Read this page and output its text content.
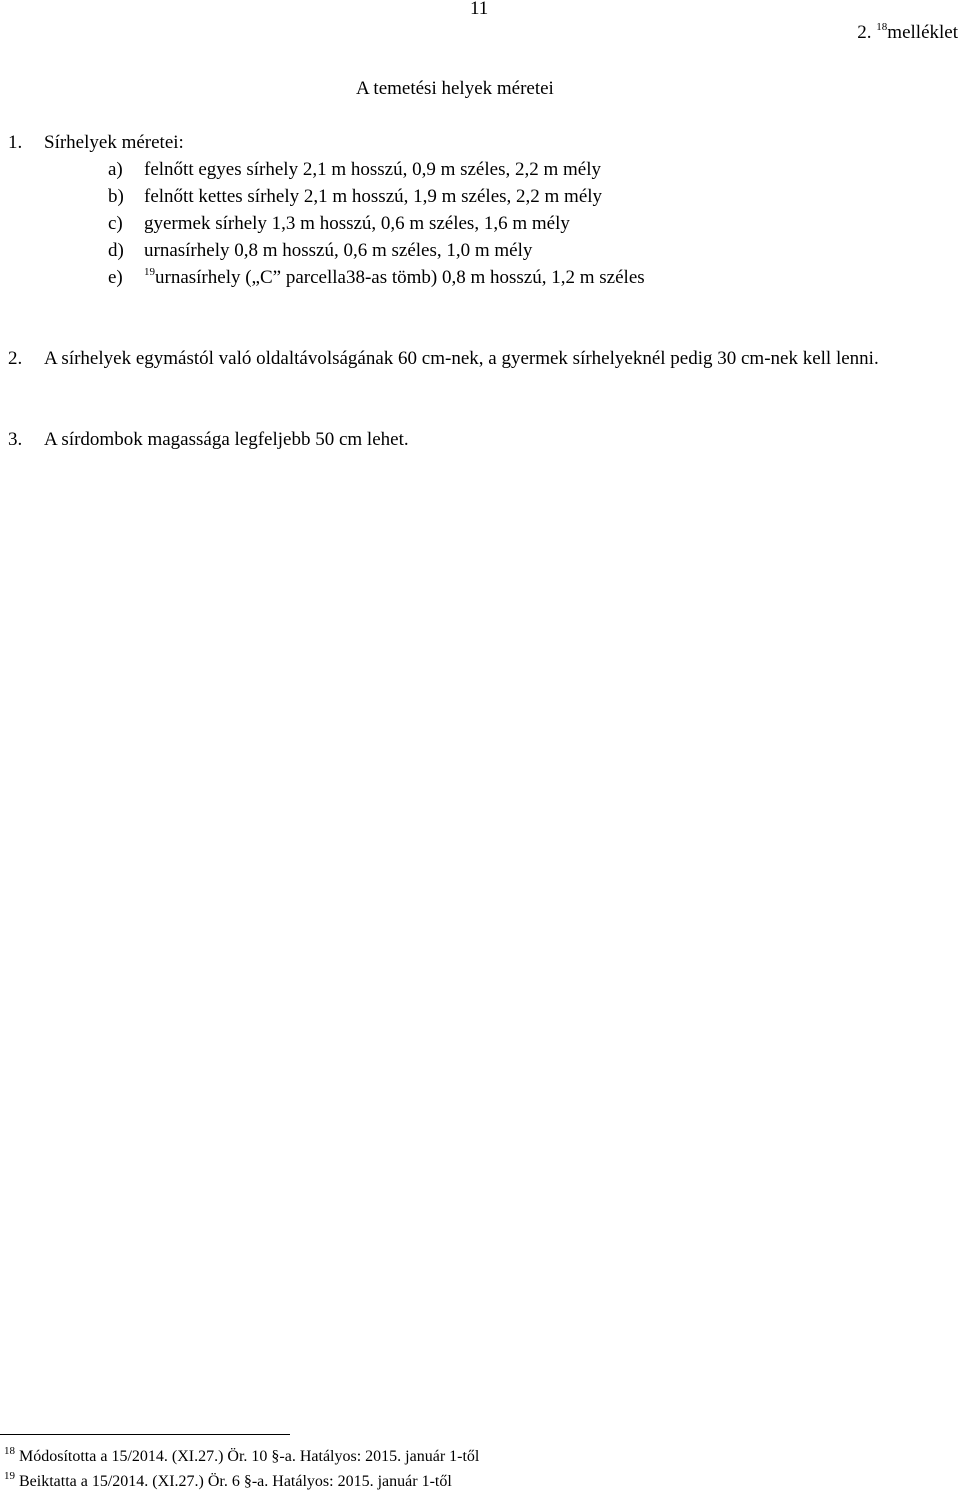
11
2. $^{18}$melléklet
A temetési helyek méretei
1. Sírhelyek méretei:
a) felnőtt egyes sírhely 2,1 m hosszú, 0,9 m széles, 2,2 m mély
b) felnőtt kettes sírhely 2,1 m hosszú, 1,9 m széles, 2,2 m mély
c) gyermek sírhely 1,3 m hosszú, 0,6 m széles, 1,6 m mély
d) urnasírhely 0,8 m hosszú, 0,6 m széles, 1,0 m mély
e) $^{19}$urnasírhely („C” parcella38-as tömb) 0,8 m hosszú, 1,2 m széles
2. A sírhelyek egymástól való oldaltávolságának 60 cm-nek, a gyermek sírhelyeknél pedig 30 cm-nek kell lenni.
3. A sírdombok magassága legfeljebb 50 cm lehet.
$^{18}$ Módosította a 15/2014. (XI.27.) Ör. 10 §-a. Hatályos: 2015. január 1-től
$^{19}$ Beiktatta a 15/2014. (XI.27.) Ör. 6 §-a. Hatályos: 2015. január 1-től
